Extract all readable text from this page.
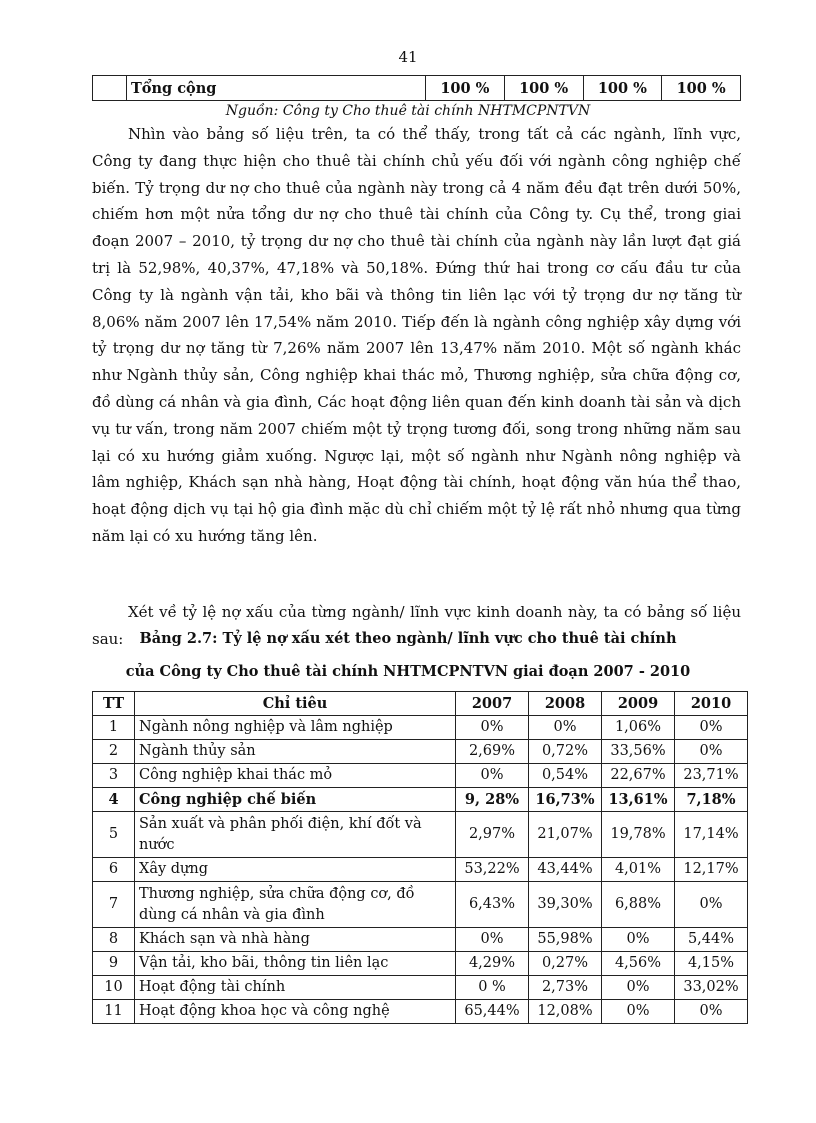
41
	Tổng cộng	100 %	100 %	100 %	100 %
Nguồn: Công ty Cho thuê tài chính NHTMCPNTVN

Nhìn vào bảng số liệu trên, ta có thể thấy, trong tất cả các ngành, lĩnh vực, Công ty đang thực hiện cho thuê tài chính chủ yếu đối với ngành công nghiệp chế biến. Tỷ trọng dư nợ cho thuê của ngành này trong cả 4 năm đều đạt trên dưới 50%, chiếm hơn một nửa tổng dư nợ cho thuê tài chính của Công ty. Cụ thể, trong giai đoạn 2007 – 2010, tỷ trọng dư nợ cho thuê tài chính của ngành này lần lượt đạt giá trị là 52,98%, 40,37%, 47,18% và 50,18%. Đứng thứ hai trong cơ cấu đầu tư của Công ty là ngành vận tải, kho bãi và thông tin liên lạc với tỷ trọng dư nợ tăng từ 8,06% năm 2007 lên 17,54% năm 2010. Tiếp đến là ngành công nghiệp xây dựng với tỷ trọng dư nợ tăng từ 7,26% năm 2007 lên 13,47% năm 2010. Một số ngành khác như Ngành thủy sản, Công nghiệp khai thác mỏ, Thương nghiệp, sửa chữa động cơ, đồ dùng cá nhân và gia đình, Các hoạt động liên quan đến kinh doanh tài sản và dịch vụ tư vấn, trong năm 2007 chiếm một tỷ trọng tương đối, song trong những năm sau lại có xu hướng giảm xuống. Ngược lại, một số ngành như Ngành nông nghiệp và lâm nghiệp, Khách sạn nhà hàng, Hoạt động tài chính, hoạt động văn húa thể thao, hoạt động dịch vụ tại hộ gia đình mặc dù chỉ chiếm một tỷ lệ rất nhỏ nhưng qua từng năm lại có xu hướng tăng lên.

Xét về tỷ lệ nợ xấu của từng ngành/ lĩnh vực kinh doanh này, ta có bảng số liệu sau:	Bảng 2.7: Tỷ lệ nợ xấu xét theo ngành/ lĩnh vực cho thuê tài chính
của Công ty Cho thuê tài chính NHTMCPNTVN giai đoạn 2007 - 2010
TT	Chỉ tiêu	2007	2008	2009	2010
1	Ngành nông nghiệp và lâm nghiệp	0%	0%	1,06%	0%
2	Ngành thủy sản	2,69%	0,72%	33,56%	0%
3	Công nghiệp khai thác mỏ	0%	0,54%	22,67%	23,71%
4	Công nghiệp chế biến	9, 28%	16,73%	13,61%	7,18%
5	Sản xuất và phân phối điện, khí đốt và nước	2,97%	21,07%	19,78%	17,14%
6	Xây dựng	53,22%	43,44%	4,01%	12,17%
7	Thương nghiệp, sửa chữa động cơ, đồ dùng cá nhân và gia đình	6,43%	39,30%	6,88%	0%
8	Khách sạn và nhà hàng	0%	55,98%	0%	5,44%
9	Vận tải, kho bãi, thông tin liên lạc	4,29%	0,27%	4,56%	4,15%
10	Hoạt động tài chính	0 %	2,73%	0%	33,02%
11	Hoạt động khoa học và công nghệ	65,44%	12,08%	0%	0%
